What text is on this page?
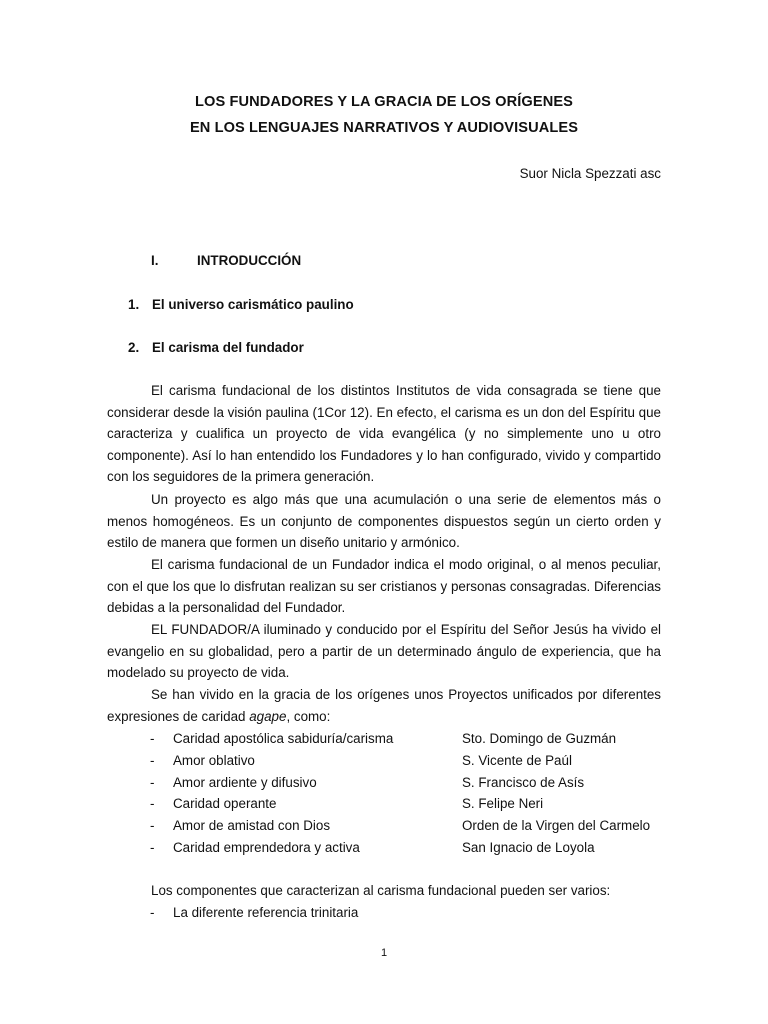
LOS FUNDADORES Y LA GRACIA DE LOS ORÍGENES
EN LOS LENGUAJES NARRATIVOS Y AUDIOVISUALES
Suor Nicla Spezzati asc
I.	INTRODUCCIÓN
1. El universo carismático paulino
2. El carisma del fundador

El carisma fundacional de los distintos Institutos de vida consagrada se tiene que considerar desde la visión paulina (1Cor 12). En efecto, el carisma es un don del Espíritu que caracteriza y cualifica un proyecto de vida evangélica (y no simplemente uno u otro componente). Así lo han entendido los Fundadores y lo han configurado, vivido y compartido con los seguidores de la primera generación.

Un proyecto es algo más que una acumulación o una serie de elementos más o menos homogéneos. Es un conjunto de componentes dispuestos según un cierto orden y estilo de manera que formen un diseño unitario y armónico.

El carisma fundacional de un Fundador indica el modo original, o al menos peculiar, con el que los que lo disfrutan realizan su ser cristianos y personas consagradas. Diferencias debidas a la personalidad del Fundador.

EL FUNDADOR/A iluminado y conducido por el Espíritu del Señor Jesús ha vivido el evangelio en su globalidad, pero a partir de un determinado ángulo de experiencia, que ha modelado su proyecto de vida.

Se han vivido en la gracia de los orígenes unos Proyectos unificados por diferentes expresiones de caridad agape, como:

- Caridad apostólica sabiduría/carisma	Sto. Domingo de Guzmán
- Amor oblativo	S. Vicente de Paúl
- Amor ardiente y difusivo	S. Francisco de Asís
- Caridad operante	S. Felipe Neri
- Amor de amistad con Dios	Orden de la Virgen del Carmelo
- Caridad emprendedora y activa	San Ignacio de Loyola
Los componentes que caracterizan al carisma fundacional pueden ser varios:
- La diferente referencia trinitaria
1
